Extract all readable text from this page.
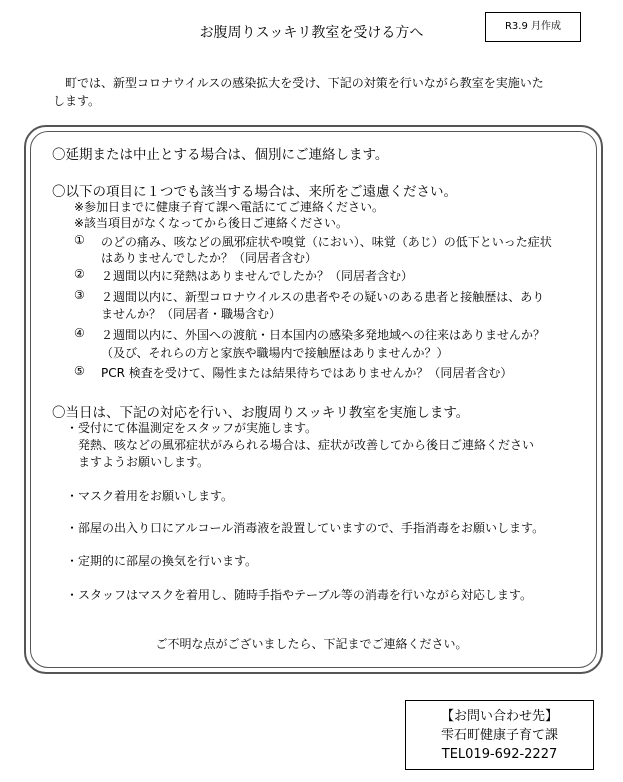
お腹周りスッキリ教室を受ける方へ	R3.9 月作成
　町では、新型コロナウイルスの感染拡大を受け、下記の対策を行いながら教室を実施いた
します。
〇延期または中止とする場合は、個別にご連絡します。
〇以下の項目に１つでも該当する場合は、来所をご遠慮ください。
※参加日までに健康子育て課へ電話にてご連絡ください。
※該当項目がなくなってから後日ご連絡ください。
① のどの痛み、咳などの風邪症状や嗅覚（におい）、味覚（あじ）の低下といった症状
はありませんでしたか？（同居者含む）
② ２週間以内に発熱はありませんでしたか？（同居者含む）
③ ２週間以内に、新型コロナウイルスの患者やその疑いのある患者と接触歴は、あり
ませんか？（同居者・職場含む）
④ ２週間以内に、外国への渡航・日本国内の感染多発地域への往来はありませんか？
（及び、それらの方と家族や職場内で接触歴はありませんか？）
⑤ PCR 検査を受けて、陽性または結果待ちではありませんか？（同居者含む）
〇当日は、下記の対応を行い、お腹周りスッキリ教室を実施します。
・受付にて体温測定をスタッフが実施します。
　発熱、咳などの風邪症状がみられる場合は、症状が改善してから後日ご連絡ください
　ますようお願いします。
・マスク着用をお願いします。
・部屋の出入り口にアルコール消毒液を設置していますので、手指消毒をお願いします。
・定期的に部屋の換気を行います。
・スタッフはマスクを着用し、随時手指やテーブル等の消毒を行いながら対応します。
ご不明な点がございましたら、下記までご連絡ください。
【お問い合わせ先】
雫石町健康子育て課
TEL019-692-2227
